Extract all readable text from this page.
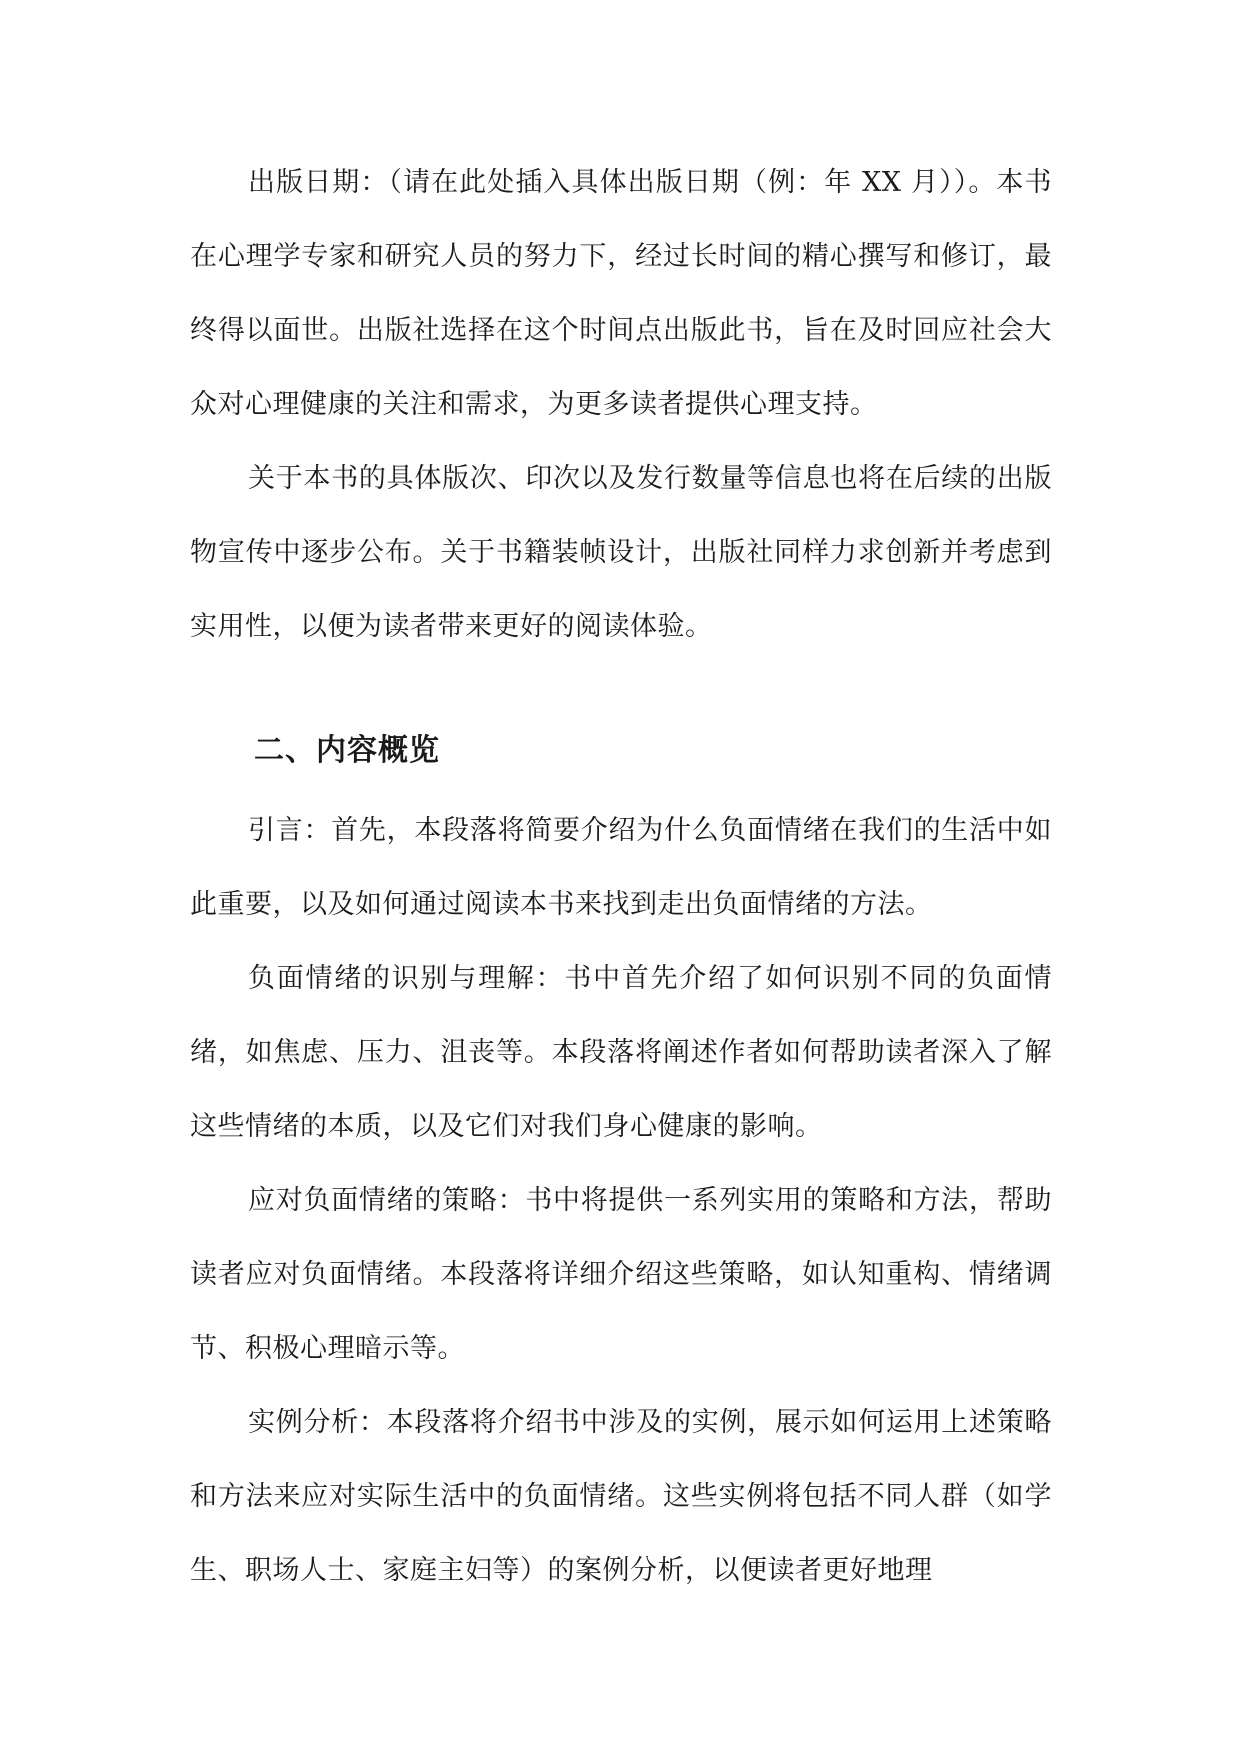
出版日期：（请在此处插入具体出版日期（例：年 XX 月））。本书在心理学专家和研究人员的努力下，经过长时间的精心撰写和修订，最终得以面世。出版社选择在这个时间点出版此书，旨在及时回应社会大众对心理健康的关注和需求，为更多读者提供心理支持。

关于本书的具体版次、印次以及发行数量等信息也将在后续的出版物宣传中逐步公布。关于书籍装帧设计，出版社同样力求创新并考虑到实用性，以便为读者带来更好的阅读体验。

二、内容概览

引言：首先，本段落将简要介绍为什么负面情绪在我们的生活中如此重要，以及如何通过阅读本书来找到走出负面情绪的方法。

负面情绪的识别与理解：书中首先介绍了如何识别不同的负面情绪，如焦虑、压力、沮丧等。本段落将阐述作者如何帮助读者深入了解这些情绪的本质，以及它们对我们身心健康的影响。

应对负面情绪的策略：书中将提供一系列实用的策略和方法，帮助读者应对负面情绪。本段落将详细介绍这些策略，如认知重构、情绪调节、积极心理暗示等。

实例分析：本段落将介绍书中涉及的实例，展示如何运用上述策略和方法来应对实际生活中的负面情绪。这些实例将包括不同人群（如学生、职场人士、家庭主妇等）的案例分析，以便读者更好地理
